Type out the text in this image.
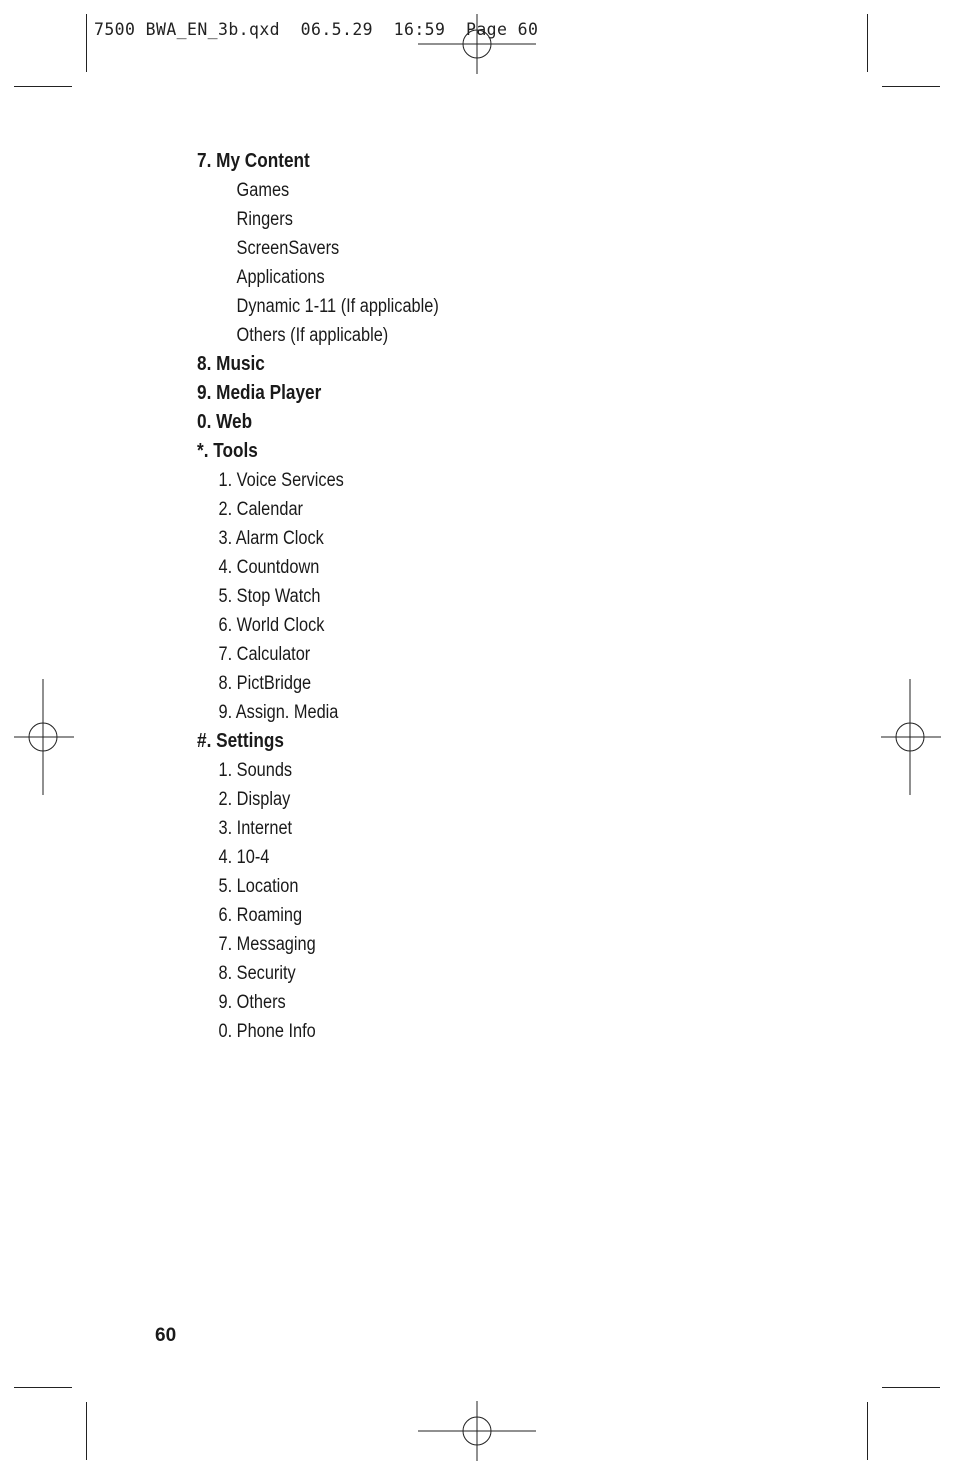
7500 BWA_EN_3b.qxd  06.5.29  16:59  Page 60
7. My Content
Games
Ringers
ScreenSavers
Applications
Dynamic 1-11 (If applicable)
Others (If applicable)
8. Music
9. Media Player
0. Web
*. Tools
1. Voice Services
2. Calendar
3. Alarm Clock
4. Countdown
5. Stop Watch
6. World Clock
7. Calculator
8. PictBridge
9. Assign. Media
#. Settings
1. Sounds
2. Display
3. Internet
4. 10-4
5. Location
6. Roaming
7. Messaging
8. Security
9. Others
0. Phone Info
60
